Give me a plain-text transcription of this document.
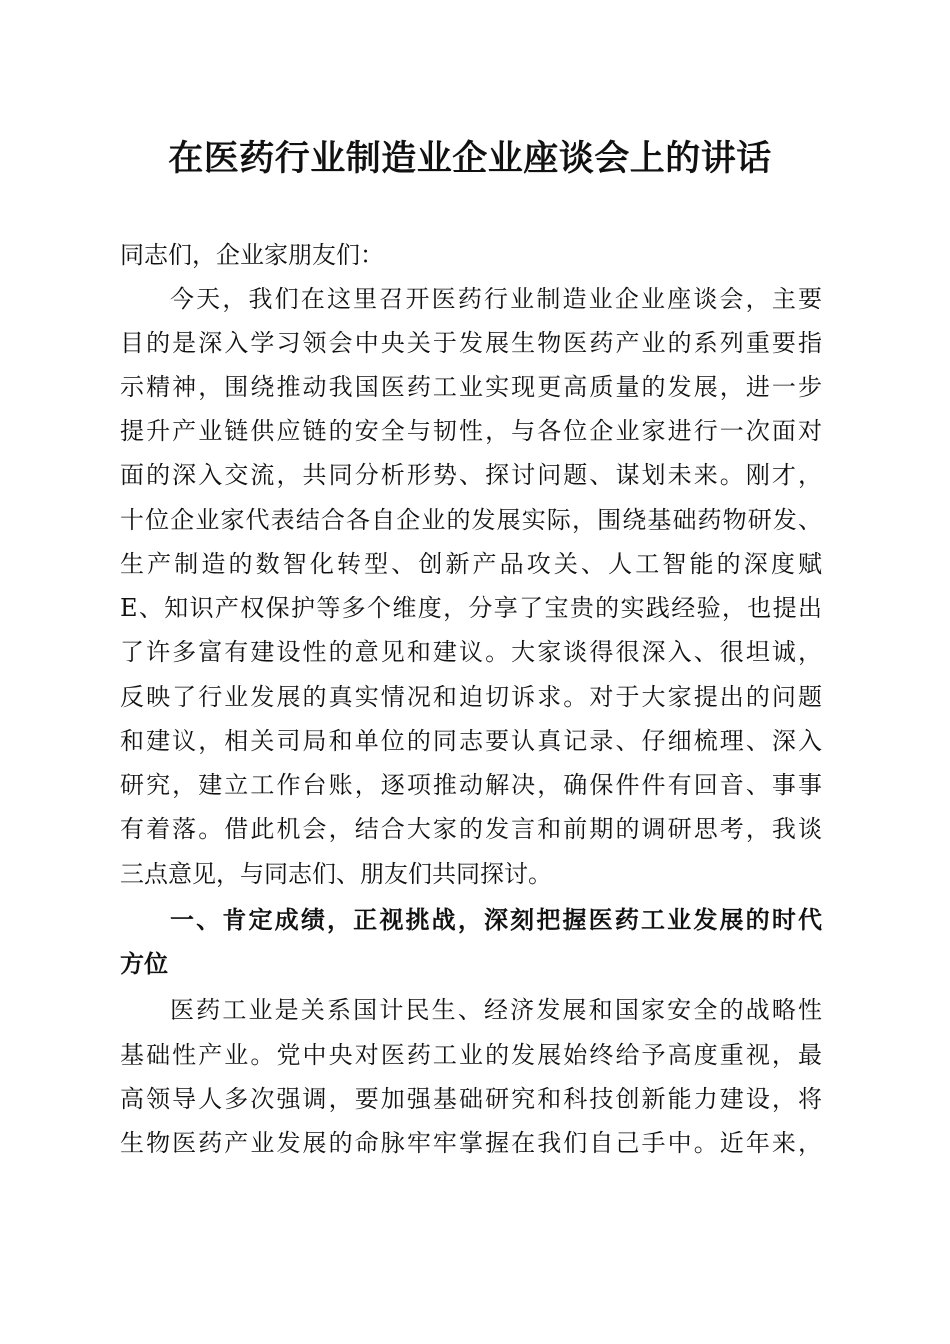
在医药行业制造业企业座谈会上的讲话
同志们，企业家朋友们：
今天，我们在这里召开医药行业制造业企业座谈会，主要
目的是深入学习领会中央关于发展生物医药产业的系列重要指
示精神，围绕推动我国医药工业实现更高质量的发展，进一步
提升产业链供应链的安全与韧性，与各位企业家进行一次面对
面的深入交流，共同分析形势、探讨问题、谋划未来。刚才，
十位企业家代表结合各自企业的发展实际，围绕基础药物研发、
生产制造的数智化转型、创新产品攻关、人工智能的深度赋
E、知识产权保护等多个维度，分享了宝贵的实践经验，也提出
了许多富有建设性的意见和建议。大家谈得很深入、很坦诚，
反映了行业发展的真实情况和迫切诉求。对于大家提出的问题
和建议，相关司局和单位的同志要认真记录、仔细梳理、深入
研究，建立工作台账，逐项推动解决，确保件件有回音、事事
有着落。借此机会，结合大家的发言和前期的调研思考，我谈
三点意见，与同志们、朋友们共同探讨。
一、肯定成绩，正视挑战，深刻把握医药工业发展的时代
方位
医药工业是关系国计民生、经济发展和国家安全的战略性
基础性产业。党中央对医药工业的发展始终给予高度重视，最
高领导人多次强调，要加强基础研究和科技创新能力建设，将
生物医药产业发展的命脉牢牢掌握在我们自己手中。近年来，
